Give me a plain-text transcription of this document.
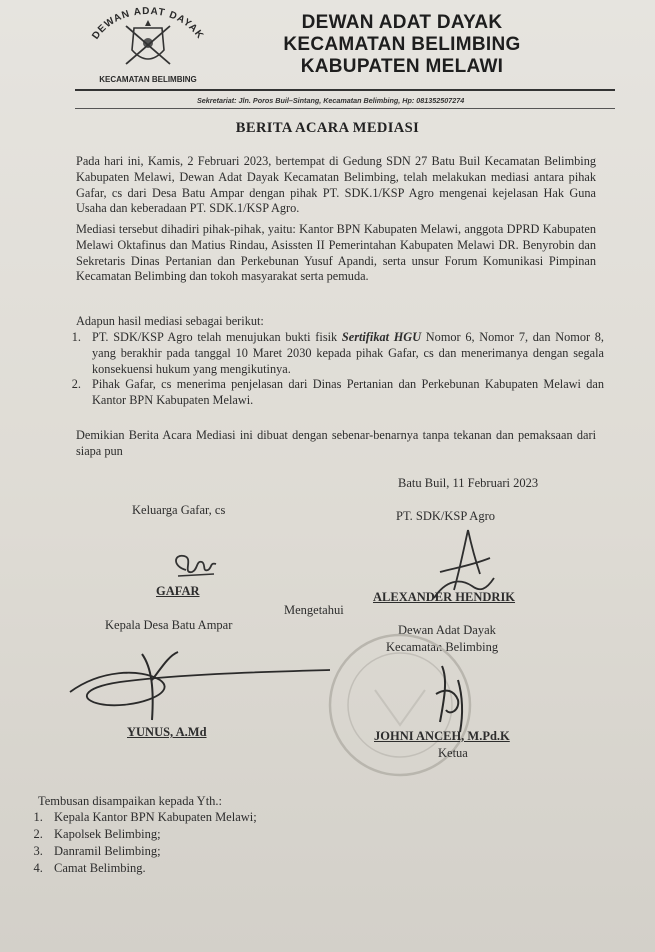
DEWAN ADAT DAYAK
KECAMATAN BELIMBING
DEWAN ADAT DAYAK
KECAMATAN BELIMBING
KABUPATEN MELAWI
Sekretariat: Jln. Poros Buil–Sintang, Kecamatan Belimbing, Hp: 081352507274
BERITA ACARA MEDIASI
Pada hari ini, Kamis, 2 Februari 2023, bertempat di Gedung SDN 27 Batu Buil Kecamatan Belimbing Kabupaten Melawi, Dewan Adat Dayak Kecamatan Belimbing, telah melakukan mediasi antara pihak Gafar, cs dari Desa Batu Ampar dengan pihak PT. SDK.1/KSP Agro mengenai kejelasan Hak Guna Usaha dan keberadaan PT. SDK.1/KSP Agro.
Mediasi tersebut dihadiri pihak-pihak, yaitu: Kantor BPN Kabupaten Melawi, anggota DPRD Kabupaten Melawi Oktafinus dan Matius Rindau, Asissten II Pemerintahan Kabupaten Melawi DR. Benyrobin dan Sekretaris Dinas Pertanian dan Perkebunan Yusuf Apandi, serta unsur Forum Komunikasi Pimpinan Kecamatan Belimbing dan tokoh masyarakat serta pemuda.
Adapun hasil mediasi sebagai berikut:
1. PT. SDK/KSP Agro telah menujukan bukti fisik Sertifikat HGU Nomor 6, Nomor 7, dan Nomor 8, yang berakhir pada tanggal 10 Maret 2030 kepada pihak Gafar, cs dan menerimanya dengan segala konsekuensi hukum yang mengikutinya.
2. Pihak Gafar, cs menerima penjelasan dari Dinas Pertanian dan Perkebunan Kabupaten Melawi dan Kantor BPN Kabupaten Melawi.
Demikian Berita Acara Mediasi ini dibuat dengan sebenar-benarnya tanpa tekanan dan pemaksaan dari siapa pun
Batu Buil, 11 Februari 2023
Keluarga Gafar, cs	PT. SDK/KSP Agro
GAFAR	ALEXANDER HENDRIK
Mengetahui
Kepala Desa Batu Ampar	Dewan Adat Dayak
Kecamatan Belimbing
YUNUS, A.Md	JOHNI ANCEH, M.Pd.K
Ketua
Tembusan disampaikan kepada Yth.:
1. Kepala Kantor BPN Kabupaten Melawi;
2. Kapolsek Belimbing;
3. Danramil Belimbing;
4. Camat Belimbing.
